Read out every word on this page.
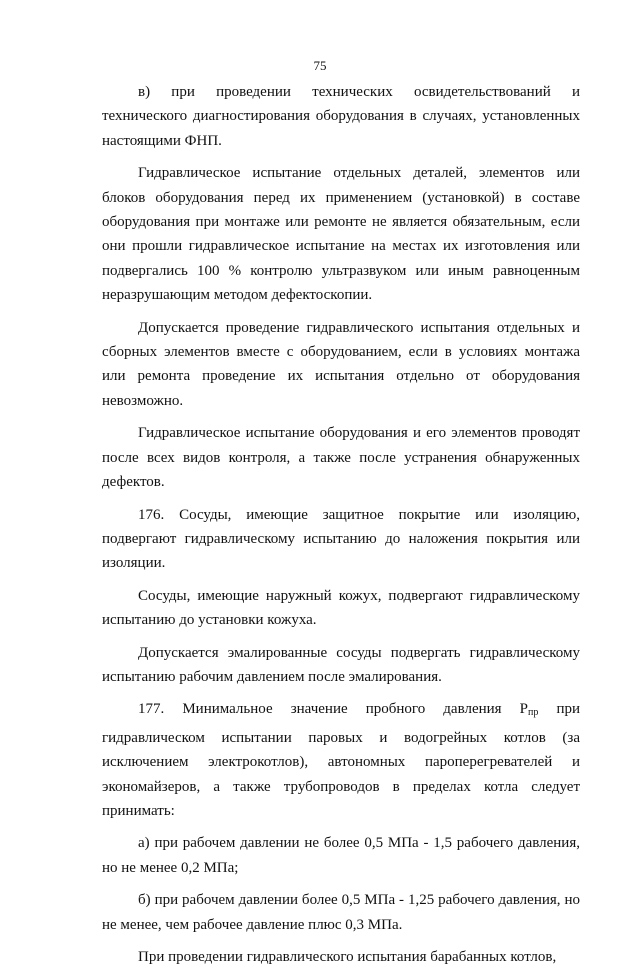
75

в) при проведении технических освидетельствований и технического диагностирования оборудования в случаях, установленных настоящими ФНП.

Гидравлическое испытание отдельных деталей, элементов или блоков оборудования перед их применением (установкой) в составе оборудования при монтаже или ремонте не является обязательным, если они прошли гидравлическое испытание на местах их изготовления или подвергались 100 % контролю ультразвуком или иным равноценным неразрушающим методом дефектоскопии.

Допускается проведение гидравлического испытания отдельных и сборных элементов вместе с оборудованием, если в условиях монтажа или ремонта проведение их испытания отдельно от оборудования невозможно.

Гидравлическое испытание оборудования и его элементов проводят после всех видов контроля, а также после устранения обнаруженных дефектов.

176. Сосуды, имеющие защитное покрытие или изоляцию, подвергают гидравлическому испытанию до наложения покрытия или изоляции.

Сосуды, имеющие наружный кожух, подвергают гидравлическому испытанию до установки кожуха.

Допускается эмалированные сосуды подвергать гидравлическому испытанию рабочим давлением после эмалирования.

177. Минимальное значение пробного давления $Р_{пр}$ при гидравлическом испытании паровых и водогрейных котлов (за исключением электрокотлов), автономных пароперегревателей и экономайзеров, а также трубопроводов в пределах котла следует принимать:

а) при рабочем давлении не более 0,5 МПа - 1,5 рабочего давления, но не менее 0,2 МПа;

б) при рабочем давлении более 0,5 МПа - 1,25 рабочего давления, но не менее, чем рабочее давление плюс 0,3 МПа.

При проведении гидравлического испытания барабанных котлов,
